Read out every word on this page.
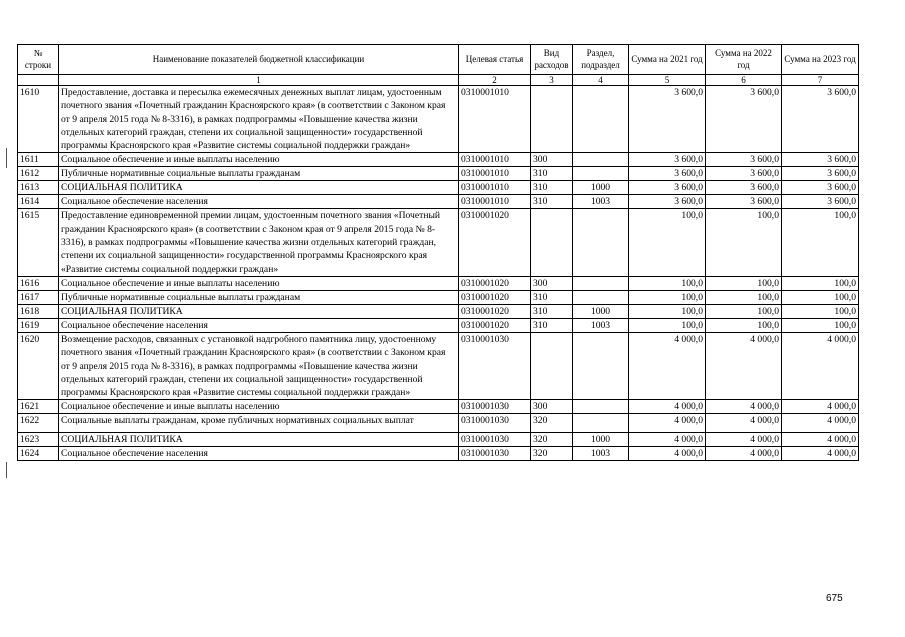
№ строки	Наименование показателей бюджетной классификации	Целевая статья	Вид расходов	Раздел, подраздел	Сумма на 2021 год	Сумма на 2022 год	Сумма на 2023 год
	1	2	3	4	5	6	7
1610	Предоставление, доставка и пересылка ежемесячных денежных выплат лицам, удостоенным почетного звания «Почетный гражданин Красноярского края» (в соответствии с Законом края от 9 апреля 2015 года № 8-3316), в рамках подпрограммы «Повышение качества жизни отдельных категорий граждан, степени их социальной защищенности» государственной программы Красноярского края «Развитие системы социальной поддержки граждан»	0310001010			3 600,0	3 600,0	3 600,0
1611	Социальное обеспечение и иные выплаты населению	0310001010	300		3 600,0	3 600,0	3 600,0
1612	Публичные нормативные социальные выплаты гражданам	0310001010	310		3 600,0	3 600,0	3 600,0
1613	СОЦИАЛЬНАЯ ПОЛИТИКА	0310001010	310	1000	3 600,0	3 600,0	3 600,0
1614	Социальное обеспечение населения	0310001010	310	1003	3 600,0	3 600,0	3 600,0
1615	Предоставление единовременной премии лицам, удостоенным почетного звания «Почетный гражданин Красноярского края» (в соответствии с Законом края от 9 апреля 2015 года № 8-3316), в рамках подпрограммы «Повышение качества жизни отдельных категорий граждан, степени их социальной защищенности» государственной программы Красноярского края «Развитие системы социальной поддержки граждан»	0310001020			100,0	100,0	100,0
1616	Социальное обеспечение и иные выплаты населению	0310001020	300		100,0	100,0	100,0
1617	Публичные нормативные социальные выплаты гражданам	0310001020	310		100,0	100,0	100,0
1618	СОЦИАЛЬНАЯ ПОЛИТИКА	0310001020	310	1000	100,0	100,0	100,0
1619	Социальное обеспечение населения	0310001020	310	1003	100,0	100,0	100,0
1620	Возмещение расходов, связанных с установкой надгробного памятника лицу, удостоенному почетного звания «Почетный гражданин Красноярского края» (в соответствии с Законом края от 9 апреля 2015 года № 8-3316), в рамках подпрограммы «Повышение качества жизни отдельных категорий граждан, степени их социальной защищенности» государственной программы Красноярского края «Развитие системы социальной поддержки граждан»	0310001030			4 000,0	4 000,0	4 000,0
1621	Социальное обеспечение и иные выплаты населению	0310001030	300		4 000,0	4 000,0	4 000,0
1622	Социальные выплаты гражданам, кроме публичных нормативных социальных выплат	0310001030	320		4 000,0	4 000,0	4 000,0
1623	СОЦИАЛЬНАЯ ПОЛИТИКА	0310001030	320	1000	4 000,0	4 000,0	4 000,0
1624	Социальное обеспечение населения	0310001030	320	1003	4 000,0	4 000,0	4 000,0
675
